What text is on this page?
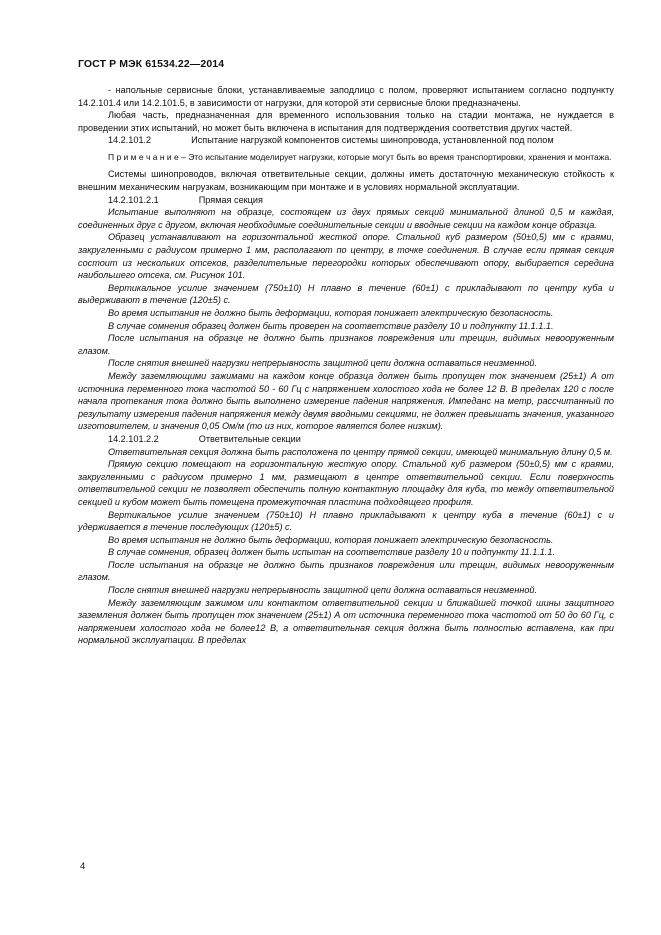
ГОСТ Р МЭК 61534.22—2014

- напольные сервисные блоки, устанавливаемые заподлицо с полом, проверяют испытанием согласно подпункту 14.2.101.4 или 14.2.101.5, в зависимости от нагрузки, для которой эти сервисные блоки предназначены.

Любая часть, предназначенная для временного использования только на стадии монтажа, не нуждается в проведении этих испытаний, но может быть включена в испытания для подтверждения соответствия других частей.

14.2.101.2	Испытание нагрузкой компонентов системы шинопровода, установленной под полом

П р и м е ч а н и е – Это испытание моделирует нагрузки, которые могут быть во время транспортировки, хранения и монтажа.

Системы шинопроводов, включая ответвительные секции, должны иметь достаточную механическую стойкость к внешним механическим нагрузкам, возникающим при монтаже и в условиях нормальной эксплуатации.

14.2.101.2.1	Прямая секция

Испытание выполняют на образце, состоящем из двух прямых секций минимальной длиной 0,5 м каждая, соединенных друг с другом, включая необходимые соединительные секции и вводные секции на каждом конце образца.

Образец устанавливают на горизонтальной жесткой опоре. Стальной куб размером (50±0,5) мм с краями, закругленными с радиусом примерно 1 мм, располагают по центру, в точке соединения. В случае если прямая секция состоит из нескольких отсеков, разделительные перегородки которых обеспечивают опору, выбирается середина наибольшего отсека, см. Рисунок 101.

Вертикальное усилие значением (750±10) Н плавно в течение (60±1) с прикладывают по центру куба и выдерживают в течение (120±5) с.

Во время испытания не должно быть деформации, которая понижает электрическую безопасность.

В случае сомнения образец должен быть проверен на соответствие разделу 10 и подпункту 11.1.1.1.

После испытания на образце не должно быть признаков повреждения или трещин, видимых невооруженным глазом.

После снятия внешней нагрузки непрерывность защитной цепи должна оставаться неизменной.

Между заземляющими зажимами на каждом конце образца должен быть пропущен ток значением (25±1) А от источника переменного тока частотой 50 - 60 Гц с напряжением холостого хода не более 12 В. В пределах 120 с после начала протекания тока должно быть выполнено измерение падения напряжения. Импеданс на метр, рассчитанный по результату измерения падения напряжения между двумя вводными секциями, не должен превышать значения, указанного изготовителем, и значения 0,05 Ом/м (то из них, которое является более низким).

14.2.101.2.2	Ответвительные секции

Ответвительная секция должна быть расположена по центру прямой секции, имеющей минимальную длину 0,5 м.

Прямую секцию помещают на горизонтальную жесткую опору. Стальной куб размером (50±0,5) мм с краями, закругленными с радиусом примерно 1 мм, размещают в центре ответвительной секции. Если поверхность ответвительной секции не позволяет обеспечить полную контактную площадку для куба, то между ответвительной секцией и кубом может быть помещена промежуточная пластина подходящего профиля.

Вертикальное усилие значением (750±10) Н плавно прикладывают к центру куба в течение (60±1) с и удерживается в течение последующих (120±5) с.

Во время испытания не должно быть деформации, которая понижает электрическую безопасность.

В случае сомнения, образец должен быть испытан на соответствие разделу 10 и подпункту 11.1.1.1.

После испытания на образце не должно быть признаков повреждения или трещин, видимых невооруженным глазом.

После снятия внешней нагрузки непрерывность защитной цепи должна оставаться неизменной.

Между заземляющим зажимом или контактом ответвительной секции и ближайшей точкой шины защитного заземления должен быть пропущен ток значением (25±1) А от источника переменного тока частотой от 50 до 60 Гц, с напряжением холостого хода не более12 В, а ответвительная секция должна быть полностью вставлена, как при нормальной эксплуатации. В пределах

4
